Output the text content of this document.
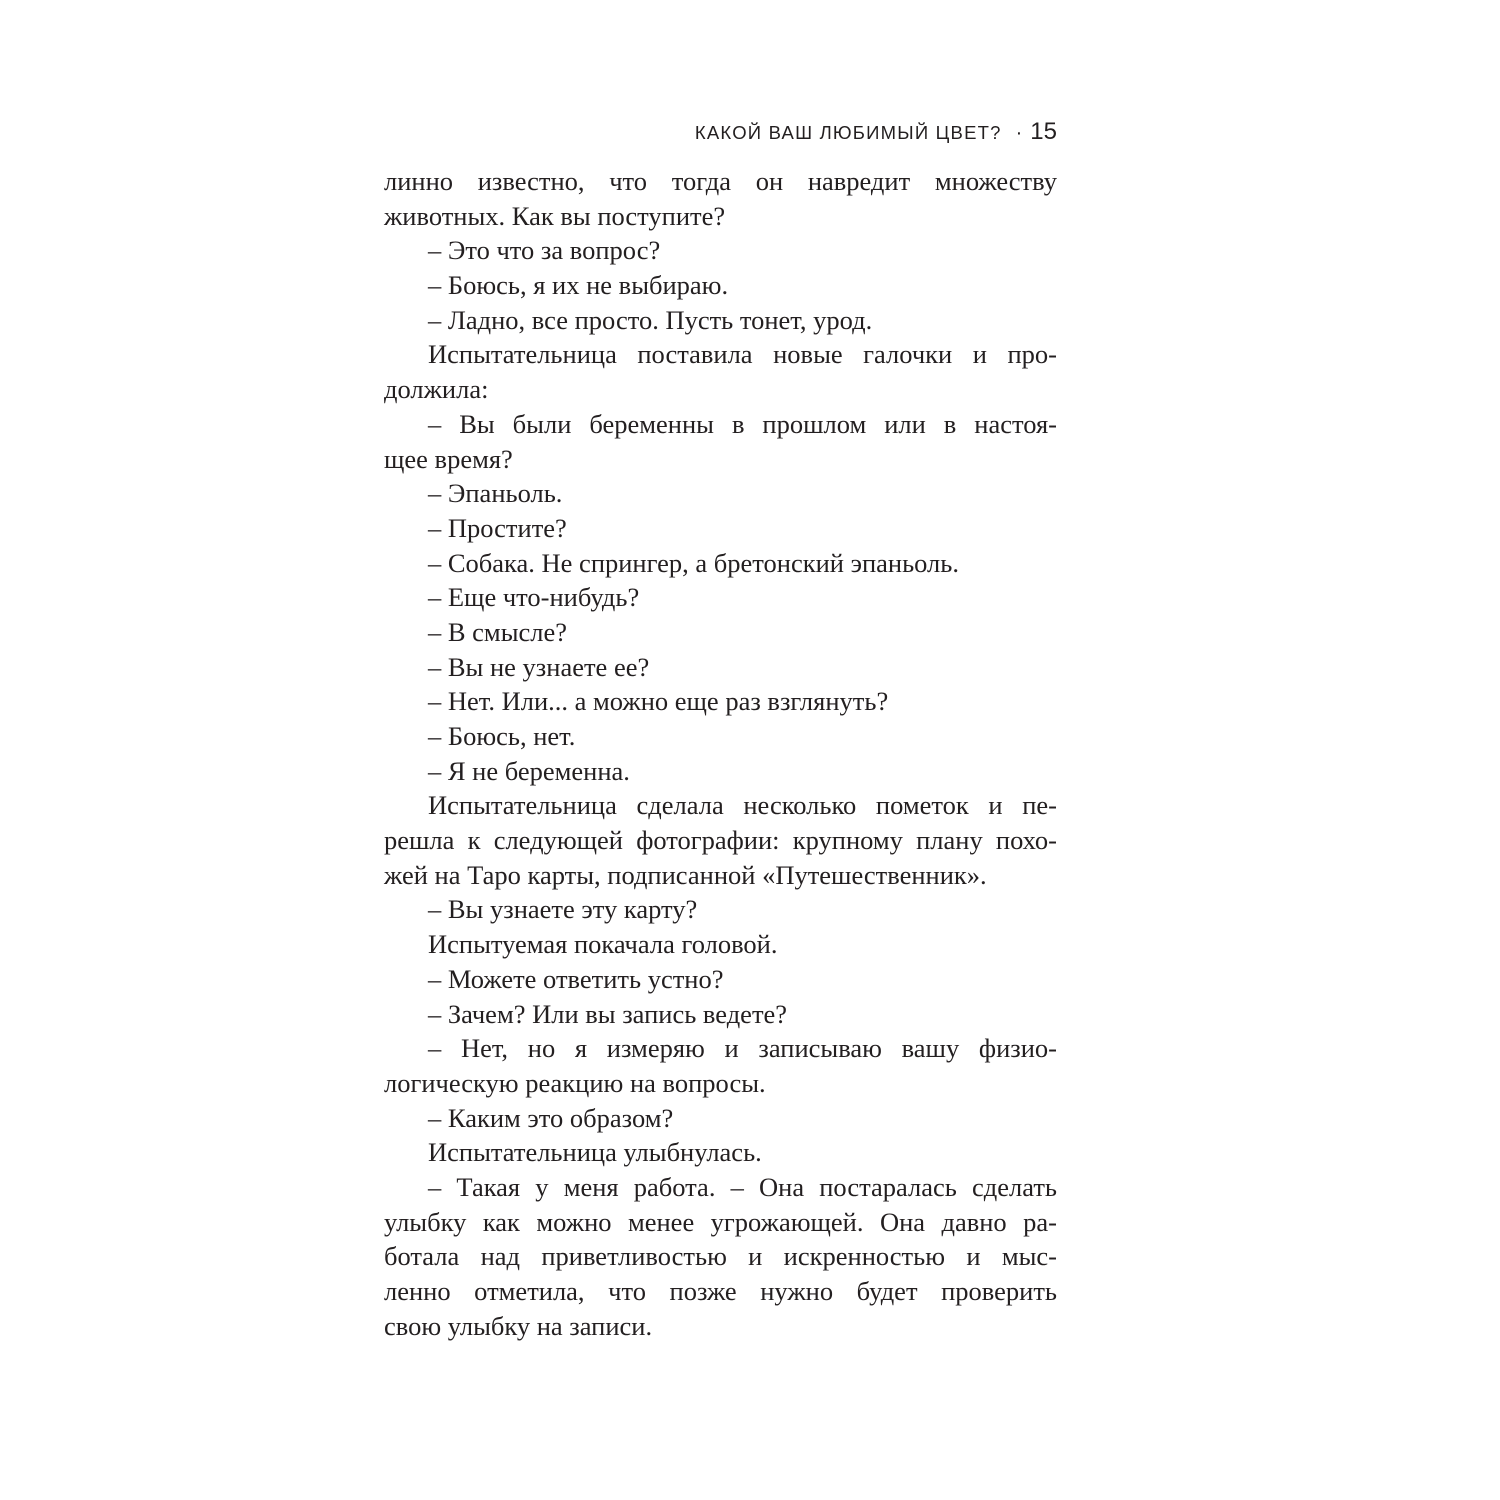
КАКОЙ ВАШ ЛЮБИМЫЙ ЦВЕТ? · 15
линно известно, что тогда он навредит множеству
животных. Как вы поступите?
– Это что за вопрос?
– Боюсь, я их не выбираю.
– Ладно, все просто. Пусть тонет, урод.
Испытательница поставила новые галочки и про-
должила:
– Вы были беременны в прошлом или в настоя-
щее время?
– Эпаньоль.
– Простите?
– Собака. Не спрингер, а бретонский эпаньоль.
– Еще что-нибудь?
– В смысле?
– Вы не узнаете ее?
– Нет. Или... а можно еще раз взглянуть?
– Боюсь, нет.
– Я не беременна.
Испытательница сделала несколько пометок и пе-
решла к следующей фотографии: крупному плану похо-
жей на Таро карты, подписанной «Путешественник».
– Вы узнаете эту карту?
Испытуемая покачала головой.
– Можете ответить устно?
– Зачем? Или вы запись ведете?
– Нет, но я измеряю и записываю вашу физио-
логическую реакцию на вопросы.
– Каким это образом?
Испытательница улыбнулась.
– Такая у меня работа. – Она постаралась сделать
улыбку как можно менее угрожающей. Она давно ра-
ботала над приветливостью и искренностью и мыс-
ленно отметила, что позже нужно будет проверить
свою улыбку на записи.
